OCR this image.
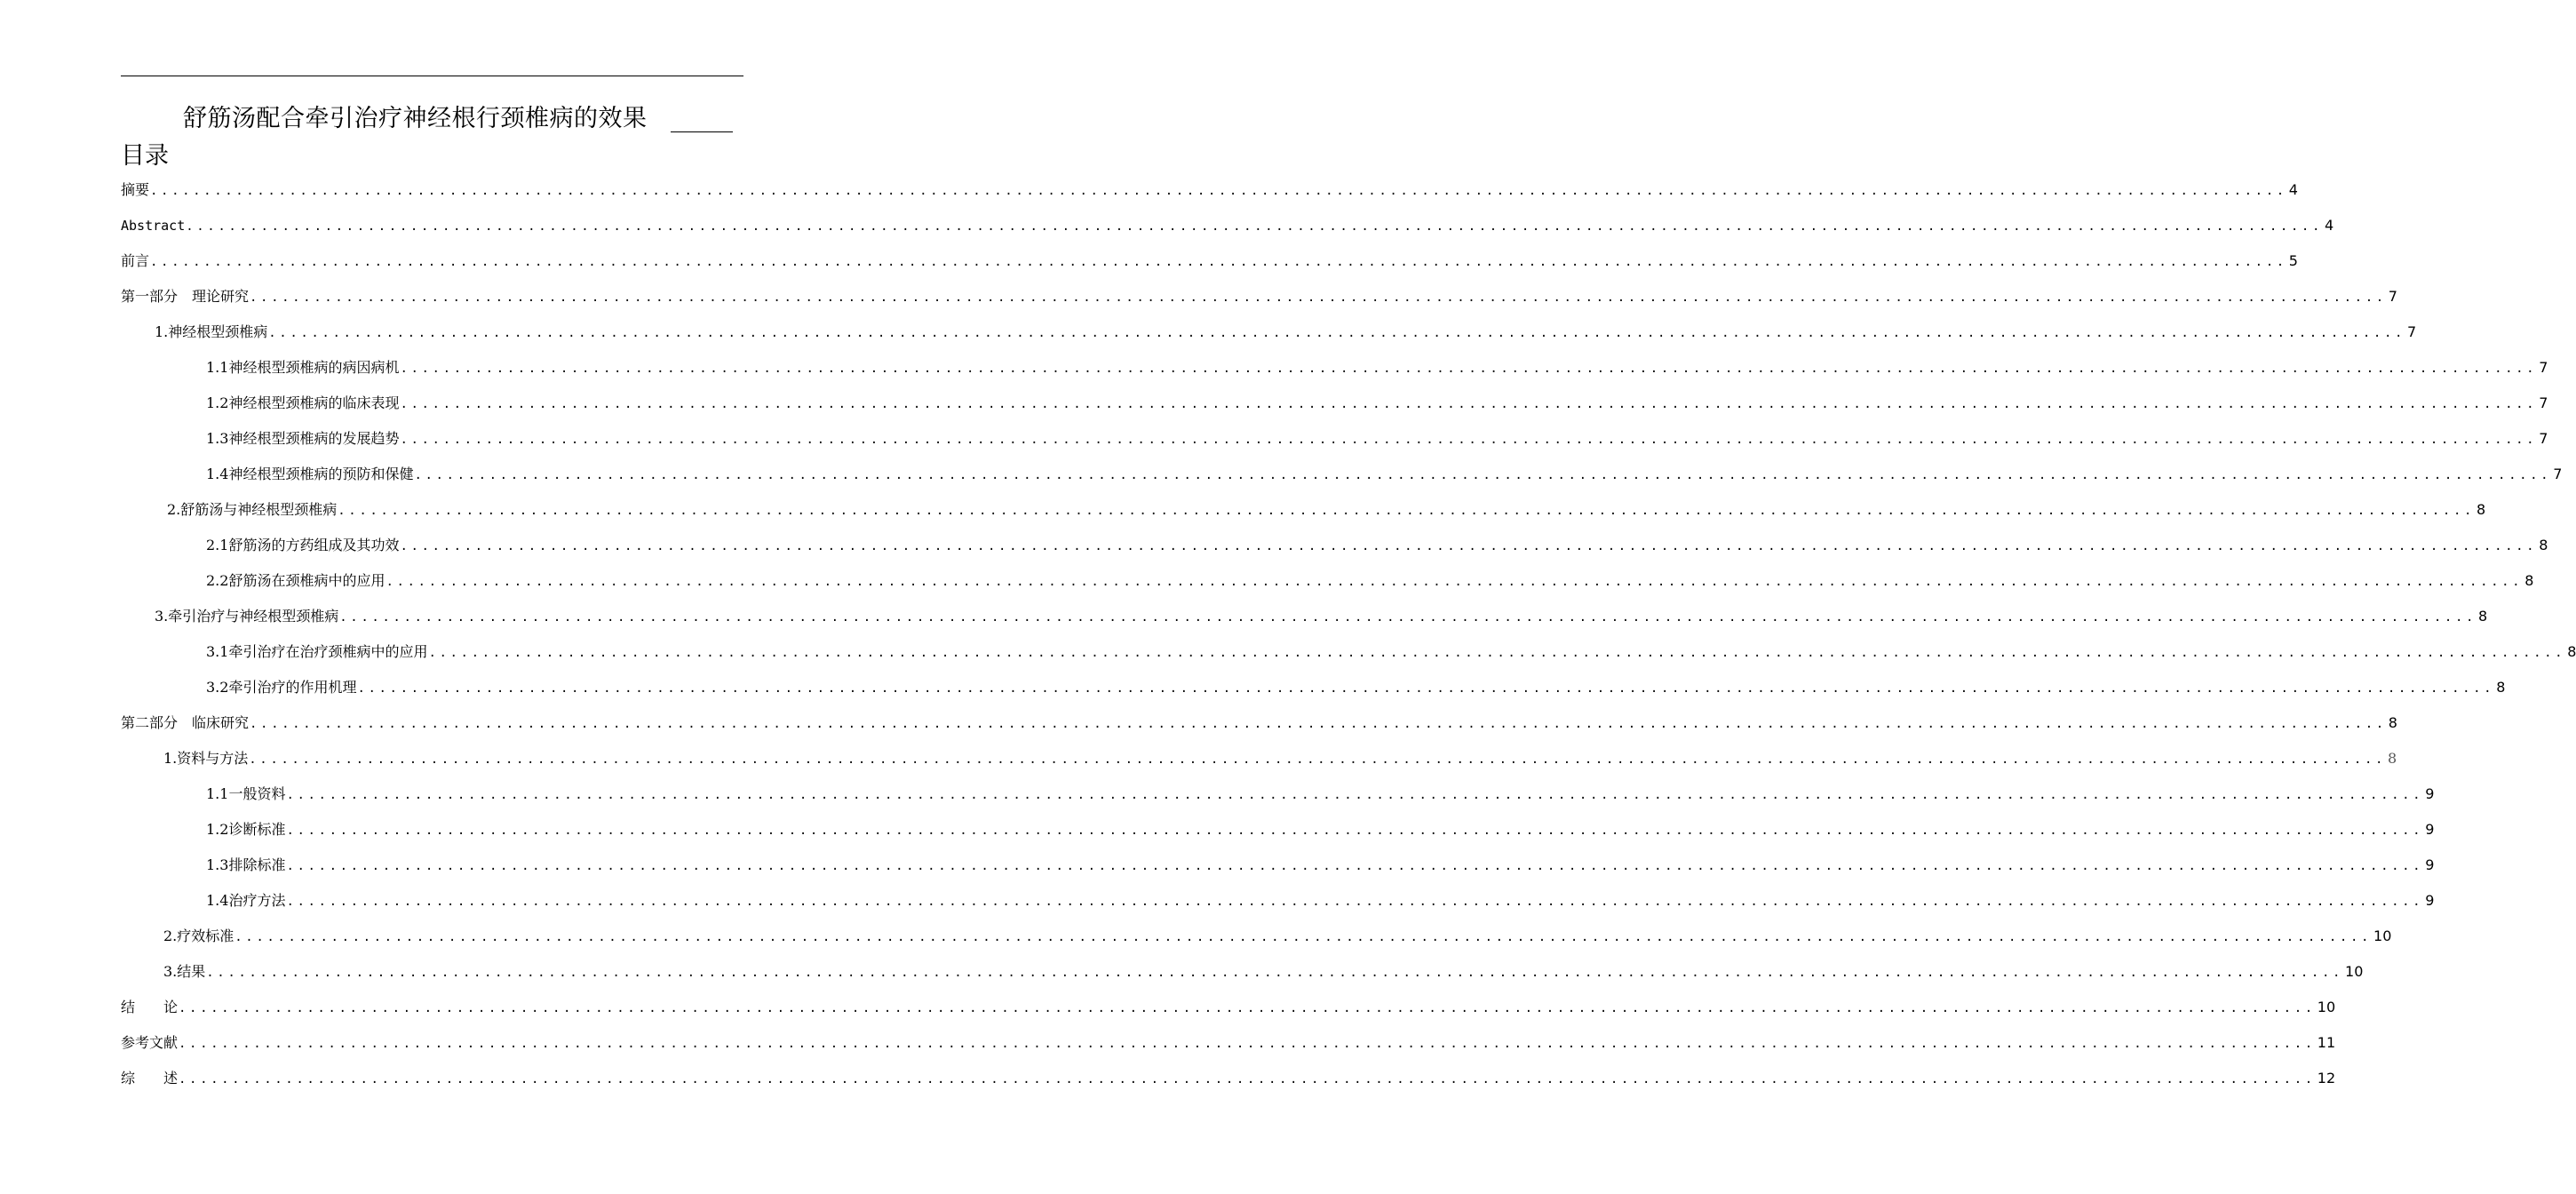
舒筋汤配合牵引治疗神经根行颈椎病的效果
目录
摘要 ........................................................................................................................................................................................................ 4
Abstract ........................................................................................................................................................................................................ 4
前言 ........................................................................................................................................................................................................ 5
第一部分　理论研究 ........................................................................................................................................................................................................ 7
1.神经根型颈椎病 ........................................................................................................................................................................................................ 7
1.1神经根型颈椎病的病因病机 ........................................................................................................................................................................................................ 7
1.2神经根型颈椎病的临床表现 ........................................................................................................................................................................................................ 7
1.3神经根型颈椎病的发展趋势 ........................................................................................................................................................................................................ 7
1.4神经根型颈椎病的预防和保健 ........................................................................................................................................................................................................ 7
2.舒筋汤与神经根型颈椎病 ........................................................................................................................................................................................................ 8
2.1舒筋汤的方药组成及其功效 ........................................................................................................................................................................................................ 8
2.2舒筋汤在颈椎病中的应用 ........................................................................................................................................................................................................ 8
3.牵引治疗与神经根型颈椎病 ........................................................................................................................................................................................................ 8
3.1牵引治疗在治疗颈椎病中的应用 ........................................................................................................................................................................................................ 8
3.2牵引治疗的作用机理 ........................................................................................................................................................................................................ 8
第二部分　临床研究 ........................................................................................................................................................................................................ 8
1.资料与方法 ........................................................................................................................................................................................................ 8
1.1一般资料 ........................................................................................................................................................................................................ 9
1.2诊断标准 ........................................................................................................................................................................................................ 9
1.3排除标准 ........................................................................................................................................................................................................ 9
1.4治疗方法 ........................................................................................................................................................................................................ 9
2.疗效标准 ........................................................................................................................................................................................................ 10
3.结果 ........................................................................................................................................................................................................ 10
结　　论 ........................................................................................................................................................................................................ 10
参考文献 ........................................................................................................................................................................................................ 11
综　　述 ........................................................................................................................................................................................................ 12
